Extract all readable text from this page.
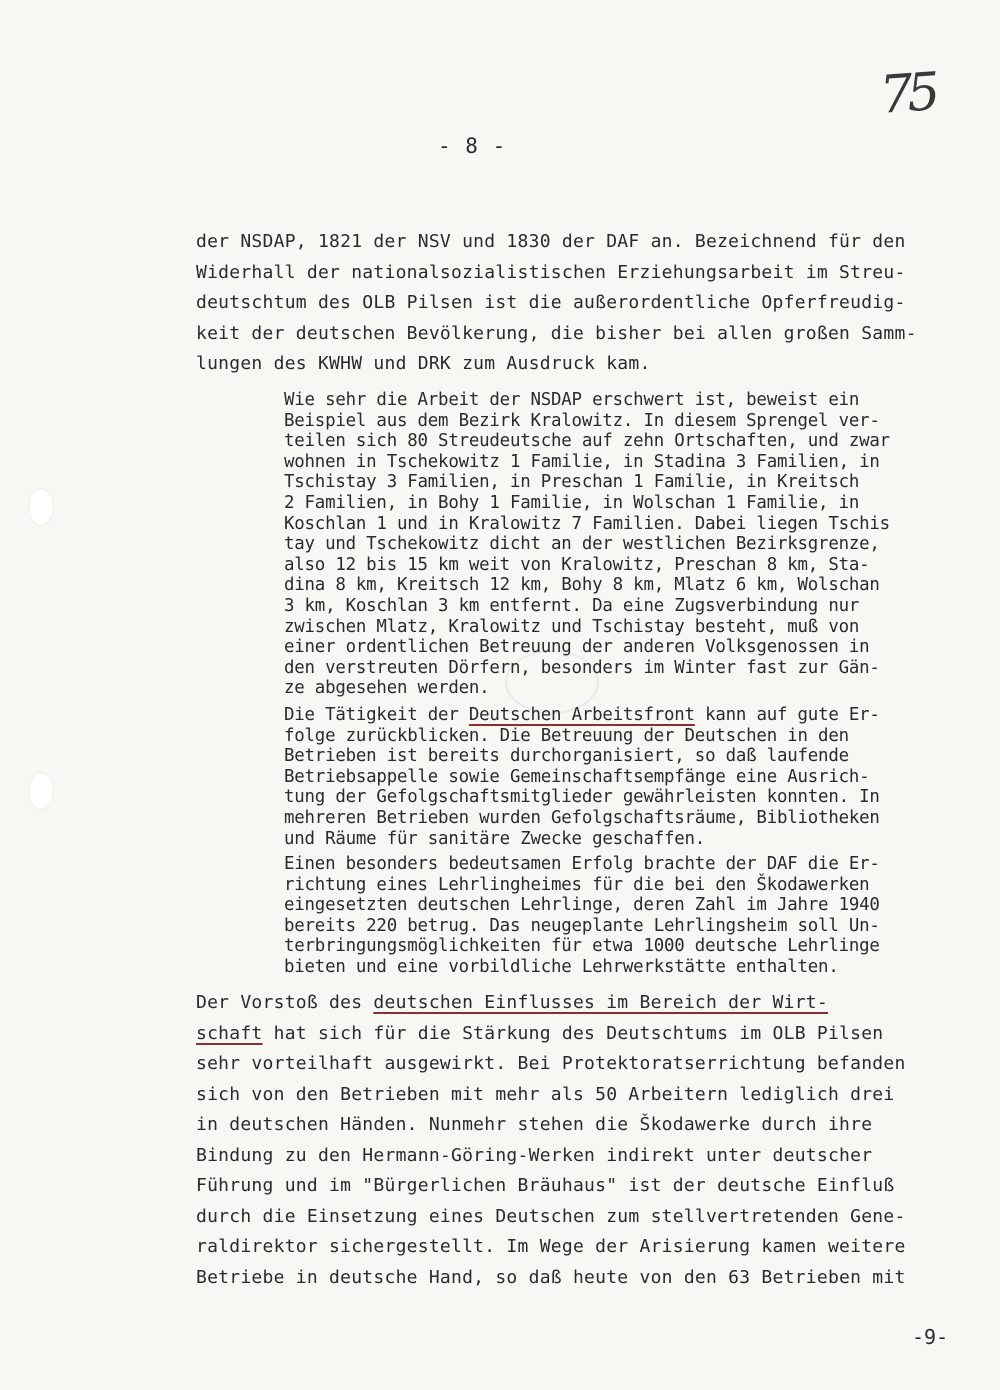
75
- 8 -
der NSDAP, 1821 der NSV und 1830 der DAF an. Bezeichnend für den
Widerhall der nationalsozialistischen Erziehungsarbeit im Streu-
deutschtum des OLB Pilsen ist die außerordentliche Opferfreudig-
keit der deutschen Bevölkerung, die bisher bei allen großen Samm-
lungen des KWHW und DRK zum Ausdruck kam.
Wie sehr die Arbeit der NSDAP erschwert ist, beweist ein
Beispiel aus dem Bezirk Kralowitz. In diesem Sprengel ver-
teilen sich 80 Streudeutsche auf zehn Ortschaften, und zwar
wohnen in Tschekowitz 1 Familie, in Stadina 3 Familien, in
Tschistay 3 Familien, in Preschan 1 Familie, in Kreitsch
2 Familien, in Bohy 1 Familie, in Wolschan 1 Familie, in
Koschlan 1 und in Kralowitz 7 Familien. Dabei liegen Tschis
tay und Tschekowitz dicht an der westlichen Bezirksgrenze,
also 12 bis 15 km weit von Kralowitz, Preschan 8 km, Sta-
dina 8 km, Kreitsch 12 km, Bohy 8 km, Mlatz 6 km, Wolschan
3 km, Koschlan 3 km entfernt. Da eine Zugsverbindung nur
zwischen Mlatz, Kralowitz und Tschistay besteht, muß von
einer ordentlichen Betreuung der anderen Volksgenossen in
den verstreuten Dörfern, besonders im Winter fast zur Gän-
ze abgesehen werden.
Die Tätigkeit der Deutschen Arbeitsfront kann auf gute Er-
folge zurückblicken. Die Betreuung der Deutschen in den
Betrieben ist bereits durchorganisiert, so daß laufende
Betriebsappelle sowie Gemeinschaftsempfänge eine Ausrich-
tung der Gefolgschaftsmitglieder gewährleisten konnten. In
mehreren Betrieben wurden Gefolgschaftsräume, Bibliotheken
und Räume für sanitäre Zwecke geschaffen.
Einen besonders bedeutsamen Erfolg brachte der DAF die Er-
richtung eines Lehrlingheimes für die bei den Škodawerken
eingesetzten deutschen Lehrlinge, deren Zahl im Jahre 1940
bereits 220 betrug. Das neugeplante Lehrlingsheim soll Un-
terbringungsmöglichkeiten für etwa 1000 deutsche Lehrlinge
bieten und eine vorbildliche Lehrwerkstätte enthalten.
Der Vorstoß des deutschen Einflusses im Bereich der Wirt-
schaft hat sich für die Stärkung des Deutschtums im OLB Pilsen
sehr vorteilhaft ausgewirkt. Bei Protektoratserrichtung befanden
sich von den Betrieben mit mehr als 50 Arbeitern lediglich drei
in deutschen Händen. Nunmehr stehen die Škodawerke durch ihre
Bindung zu den Hermann-Göring-Werken indirekt unter deutscher
Führung und im "Bürgerlichen Bräuhaus" ist der deutsche Einfluß
durch die Einsetzung eines Deutschen zum stellvertretenden Gene-
raldirektor sichergestellt. Im Wege der Arisierung kamen weitere
Betriebe in deutsche Hand, so daß heute von den 63 Betrieben mit
-9-
